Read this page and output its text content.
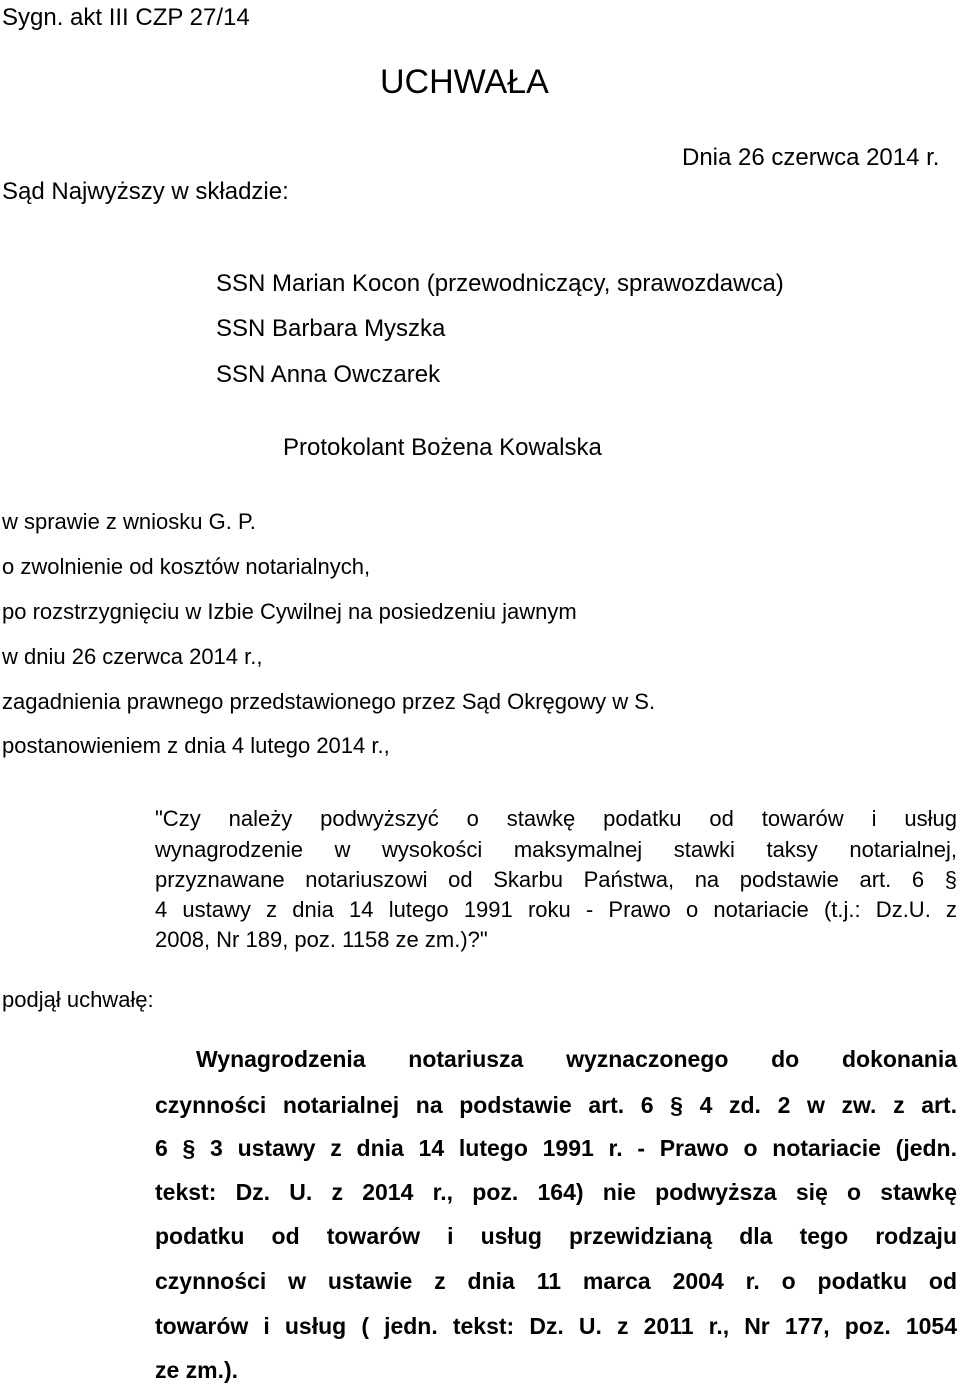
Sygn. akt III CZP 27/14
UCHWAŁA
Dnia 26 czerwca 2014 r.
Sąd Najwyższy w składzie:
SSN Marian Kocon (przewodniczący, sprawozdawca)
SSN Barbara Myszka
SSN Anna Owczarek
Protokolant Bożena Kowalska
w sprawie z wniosku G. P.
o zwolnienie od kosztów notarialnych,
po rozstrzygnięciu w Izbie Cywilnej na posiedzeniu jawnym
w dniu 26 czerwca 2014 r.,
zagadnienia prawnego przedstawionego przez Sąd Okręgowy w S.
postanowieniem z dnia 4 lutego 2014 r.,
"Czy należy podwyższyć o stawkę podatku od towarów i usług
wynagrodzenie w wysokości maksymalnej stawki taksy notarialnej,
przyznawane notariuszowi od Skarbu Państwa, na podstawie art. 6 §
4 ustawy z dnia 14 lutego 1991 roku - Prawo o notariacie (t.j.: Dz.U. z
2008, Nr 189, poz. 1158 ze zm.)?"
podjął uchwałę:
Wynagrodzenia notariusza wyznaczonego do dokonania
czynności notarialnej na podstawie art. 6 § 4 zd. 2 w zw. z art.
6 § 3 ustawy z dnia 14 lutego 1991 r. - Prawo o notariacie (jedn.
tekst: Dz. U. z 2014 r., poz. 164) nie podwyższa się o stawkę
podatku od towarów i usług przewidzianą dla tego rodzaju
czynności w ustawie z dnia 11 marca 2004 r. o podatku od
towarów i usług ( jedn. tekst: Dz. U. z 2011 r., Nr 177, poz. 1054
ze zm.).
